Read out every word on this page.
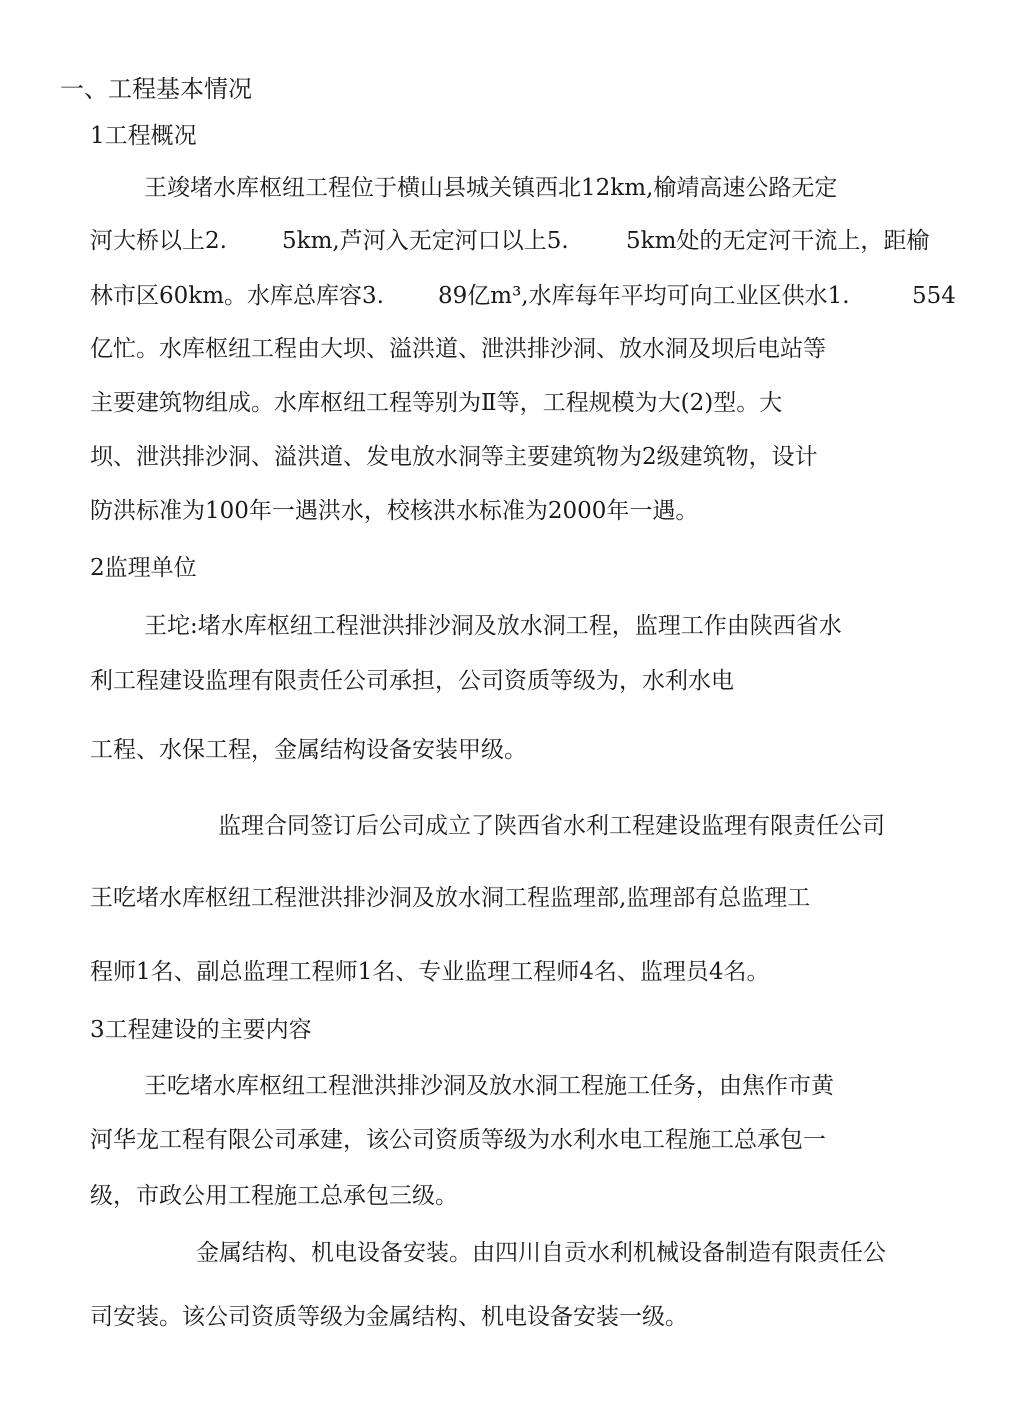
一、工程基本情况
1工程概况
王竣堵水库枢纽工程位于横山县城关镇西北12km,榆靖高速公路无定
河大桥以上2. 5km,芦河入无定河口以上5. 5km处的无定河干流上，距榆
林市区60km。水库总库容3. 89亿m³,水库每年平均可向工业区供水1.	554
亿忙。水库枢纽工程由大坝、溢洪道、泄洪排沙洞、放水洞及坝后电站等
主要建筑物组成。水库枢纽工程等别为Ⅱ等，工程规模为大(2)型。大
坝、泄洪排沙洞、溢洪道、发电放水洞等主要建筑物为2级建筑物，设计
防洪标准为100年一遇洪水，校核洪水标准为2000年一遇。
2监理单位
王坨:堵水库枢纽工程泄洪排沙洞及放水洞工程，监理工作由陕西省水
利工程建设监理有限责任公司承担，公司资质等级为，水利水电
工程、水保工程，金属结构设备安装甲级。
监理合同签订后公司成立了陕西省水利工程建设监理有限责任公司
王吃堵水库枢纽工程泄洪排沙洞及放水洞工程监理部,监理部有总监理工
程师1名、副总监理工程师1名、专业监理工程师4名、监理员4名。
3工程建设的主要内容
王吃堵水库枢纽工程泄洪排沙洞及放水洞工程施工任务，由焦作市黄
河华龙工程有限公司承建，该公司资质等级为水利水电工程施工总承包一
级，市政公用工程施工总承包三级。
金属结构、机电设备安装。由四川自贡水利机械设备制造有限责任公
司安装。该公司资质等级为金属结构、机电设备安装一级。
